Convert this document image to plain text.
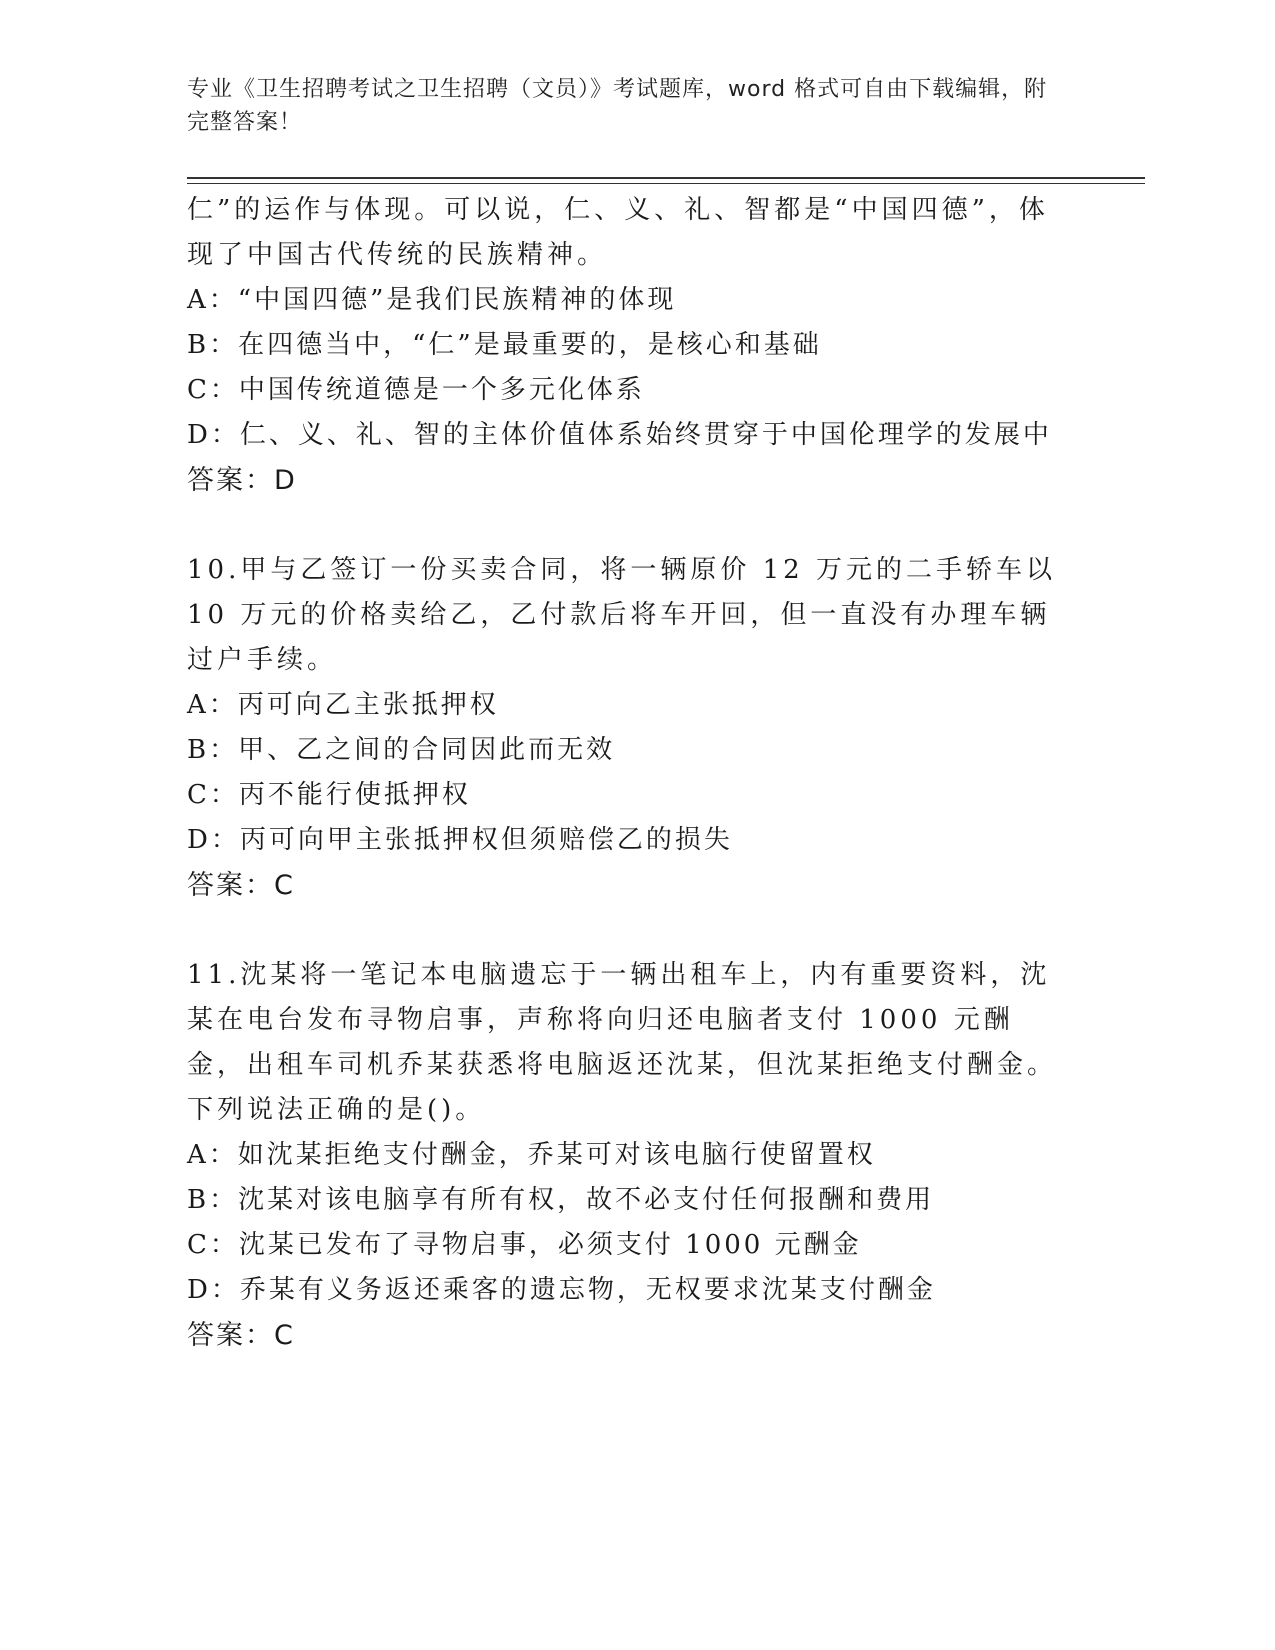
专业《卫生招聘考试之卫生招聘（文员）》考试题库，word 格式可自由下载编辑，附完整答案！

仁”的运作与体现。可以说，仁、义、礼、智都是“中国四德”，体现了中国古代传统的民族精神。

A：“中国四德”是我们民族精神的体现

B：在四德当中，“仁”是最重要的，是核心和基础

C：中国传统道德是一个多元化体系

D：仁、义、礼、智的主体价值体系始终贯穿于中国伦理学的发展中

答案：D

10.甲与乙签订一份买卖合同，将一辆原价 12 万元的二手轿车以 10 万元的价格卖给乙，乙付款后将车开回，但一直没有办理车辆过户手续。

A：丙可向乙主张抵押权

B：甲、乙之间的合同因此而无效

C：丙不能行使抵押权

D：丙可向甲主张抵押权但须赔偿乙的损失

答案：C

11.沈某将一笔记本电脑遗忘于一辆出租车上，内有重要资料，沈某在电台发布寻物启事，声称将向归还电脑者支付 1000 元酬金，出租车司机乔某获悉将电脑返还沈某，但沈某拒绝支付酬金。下列说法正确的是()。

A：如沈某拒绝支付酬金，乔某可对该电脑行使留置权

B：沈某对该电脑享有所有权，故不必支付任何报酬和费用

C：沈某已发布了寻物启事，必须支付 1000 元酬金

D：乔某有义务返还乘客的遗忘物，无权要求沈某支付酬金

答案：C
